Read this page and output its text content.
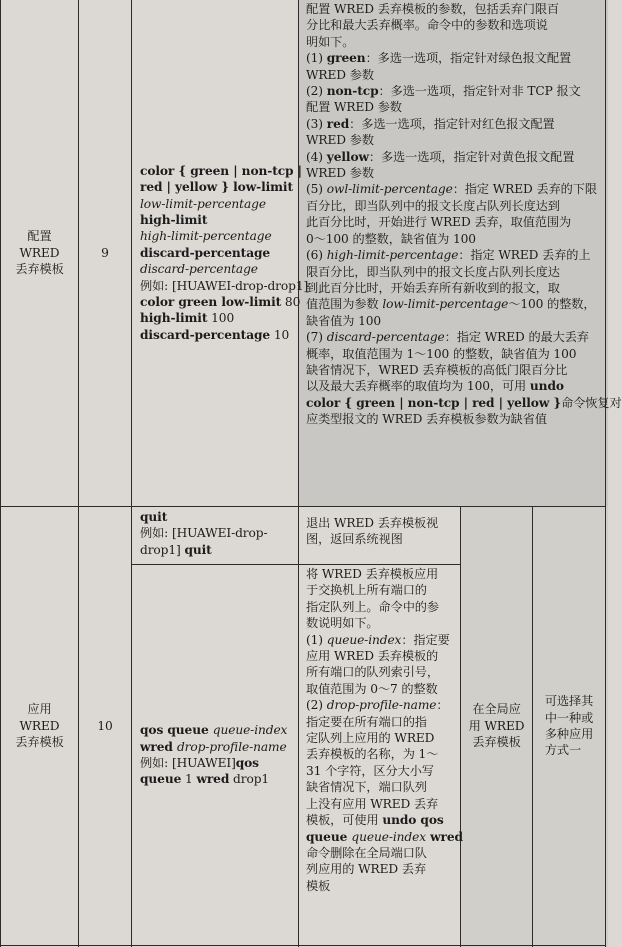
配置
WRED
丢弃模板
9
color { green | non-tcp |
red | yellow } low-limit
low-limit-percentage
high-limit
high-limit-percentage
discard-percentage
discard-percentage
例如: [HUAWEI-drop-drop1]
color green low-limit 80
high-limit 100
discard-percentage 10
配置 WRED 丢弃模板的参数，包括丢弃门限百
分比和最大丢弃概率。命令中的参数和选项说
明如下。
(1) green：多选一选项，指定针对绿色报文配置
WRED 参数
(2) non-tcp：多选一选项，指定针对非 TCP 报文
配置 WRED 参数
(3) red：多选一选项，指定针对红色报文配置
WRED 参数
(4) yellow：多选一选项，指定针对黄色报文配置
WRED 参数
(5) owl-limit-percentage：指定 WRED 丢弃的下限
百分比，即当队列中的报文长度占队列长度达到
此百分比时，开始进行 WRED 丢弃，取值范围为
0～100 的整数，缺省值为 100
(6) high-limit-percentage：指定 WRED 丢弃的上
限百分比，即当队列中的报文长度占队列长度达
到此百分比时，开始丢弃所有新收到的报文，取
值范围为参数 low-limit-percentage～100 的整数，
缺省值为 100
(7) discard-percentage：指定 WRED 的最大丢弃
概率，取值范围为 1～100 的整数，缺省值为 100
缺省情况下，WRED 丢弃模板的高低门限百分比
以及最大丢弃概率的取值均为 100，可用 undo
color { green | non-tcp | red | yellow }命令恢复对
应类型报文的 WRED 丢弃模板参数为缺省值
应用
WRED
丢弃模板
10
quit
例如: [HUAWEI-drop-
drop1] quit
退出 WRED 丢弃模板视
图，返回系统视图
qos queue queue-index
wred drop-profile-name
例如: [HUAWEI]qos
queue 1 wred drop1
将 WRED 丢弃模板应用
于交换机上所有端口的
指定队列上。命令中的参
数说明如下。
(1) queue-index：指定要
应用 WRED 丢弃模板的
所有端口的队列索引号，
取值范围为 0～7 的整数
(2) drop-profile-name：
指定要在所有端口的指
定队列上应用的 WRED
丢弃模板的名称，为 1～
31 个字符，区分大小写
缺省情况下，端口队列
上没有应用 WRED 丢弃
模板，可使用 undo qos
queue queue-index wred
命令删除在全局端口队
列应用的 WRED 丢弃
模板
在全局应
用 WRED
丢弃模板
可选择其
中一种或
多种应用
方式一
